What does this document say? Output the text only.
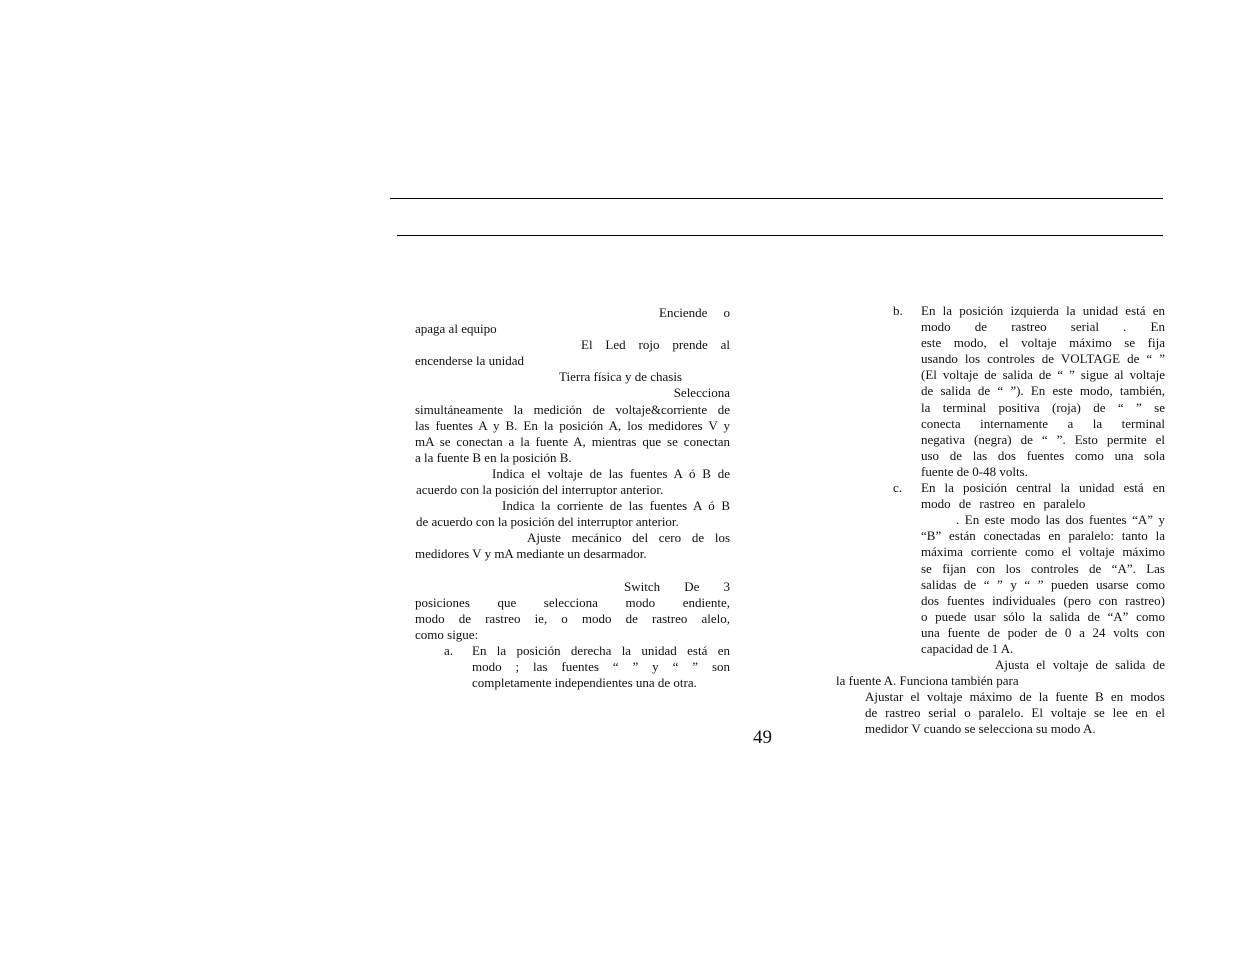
Enciende o
apaga al equipo
El Led rojo prende al
encenderse la unidad
Tierra física y de chasis
Selecciona
simultáneamente la medición de voltaje&corriente de
las fuentes A y B. En la posición A, los medidores V y
mA se conectan a la fuente A, mientras que se conectan
a la fuente B en la posición B.
Indica el voltaje de las fuentes A ó B de
acuerdo con la posición del interruptor anterior.
Indica la corriente de las fuentes A ó B
de acuerdo con la posición del interruptor anterior.
Ajuste mecánico del cero de los
medidores V y mA mediante un desarmador.
Switch De 3
posiciones que selecciona modo endiente,
modo de rastreo ie, o modo de rastreo alelo,
como sigue:
a.	En la posición derecha la unidad está en
modo ; las fuentes “ ” y “ ” son
completamente independientes una de otra.
49
b.	En la posición izquierda la unidad está en
modo de rastreo serial . En
este modo, el voltaje máximo se fija
usando los controles de VOLTAGE de “ ”
(El voltaje de salida de “ ” sigue al voltaje
de salida de “ ”). En este modo, también,
la terminal positiva (roja) de “ ” se
conecta internamente a la terminal
negativa (negra) de “ ”. Esto permite el
uso de las dos fuentes como una sola
fuente de 0-48 volts.
c.	En la posición central la unidad está en
modo de rastreo en paralelo
. En este modo las dos fuentes “A” y
“B” están conectadas en paralelo: tanto la
máxima corriente como el voltaje máximo
se fijan con los controles de “A”. Las
salidas de “ ” y “ ” pueden usarse como
dos fuentes individuales (pero con rastreo)
o puede usar sólo la salida de “A” como
una fuente de poder de 0 a 24 volts con
capacidad de 1 A.
Ajusta el voltaje de salida de
la fuente A. Funciona también para
Ajustar el voltaje máximo de la fuente B en modos
de rastreo serial o paralelo. El voltaje se lee en el
medidor V cuando se selecciona su modo A.
